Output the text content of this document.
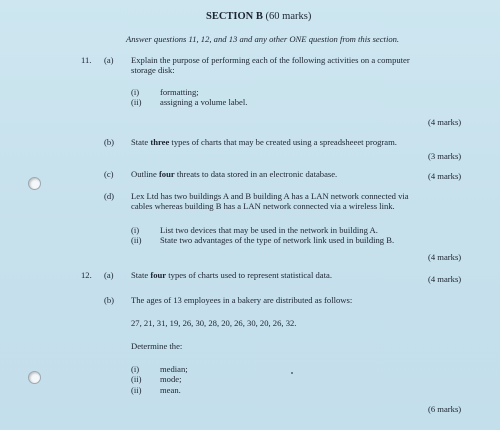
SECTION B (60 marks)
Answer questions 11, 12, and 13 and any other ONE question from this section.
11. (a) Explain the purpose of performing each of the following activities on a computer
storage disk:
(i) formatting;
(ii) assigning a volume label.
(4 marks)
(b) State three types of charts that may be created using a spreadsheeet program.
(3 marks)
(c) Outline four threats to data stored in an electronic database.	(4 marks)
(d) Lex Ltd has two buildings A and B building A has a LAN network connected via
cables whereas building B has a LAN network connected via a wireless link.
(i) List two devices that may be used in the network in building A.
(ii) State two advantages of the type of network link used in building B.
(4 marks)
12. (a) State four types of charts used to represent statistical data.	(4 marks)
(b) The ages of 13 employees in a bakery are distributed as follows:
27, 21, 31, 19, 26, 30, 28, 20, 26, 30, 20, 26, 32.
Determine the:
(i) median;
(ii) mode;
(ii) mean.
(6 marks)
